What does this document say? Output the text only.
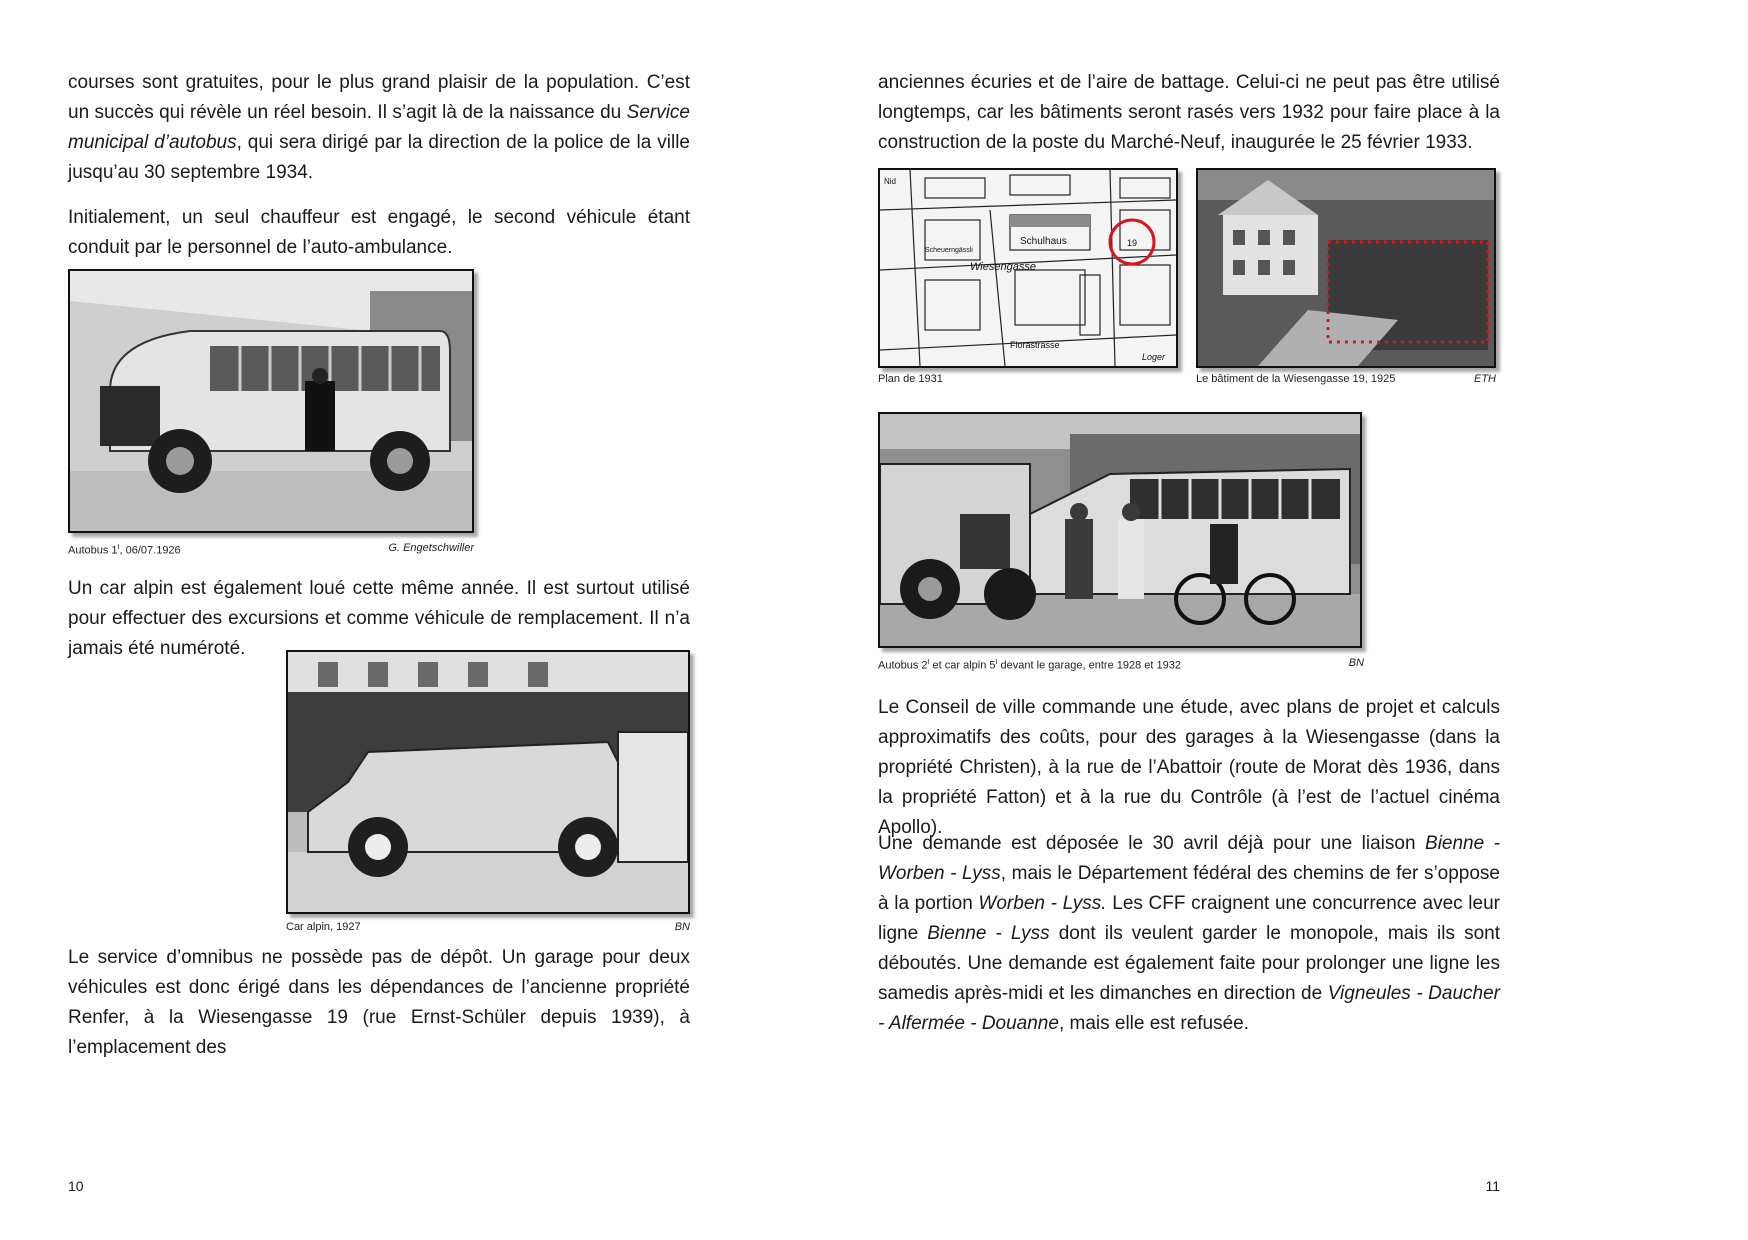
courses sont gratuites, pour le plus grand plaisir de la population. C’est un succès qui révèle un réel besoin. Il s’agit là de la naissance du Service municipal d’autobus, qui sera dirigé par la direction de la police de la ville jusqu’au 30 septembre 1934.

Initialement, un seul chauffeur est engagé, le second véhicule étant conduit par le personnel de l’auto-ambulance.

Autobus $1^I$, 06/07.1926	G. Engetschwiller

Un car alpin est également loué cette même année. Il est surtout utilisé pour effectuer des excursions et comme véhicule de remplacement. Il n’a jamais été numéroté.

Car alpin, 1927	BN

Le service d’omnibus ne possède pas de dépôt. Un garage pour deux véhicules est donc érigé dans les dépendances de l’ancienne propriété Renfer, à la Wiesengasse 19 (rue Ernst-Schüler depuis 1939), à l’emplacement des

10

anciennes écuries et de l’aire de battage. Celui-ci ne peut pas être utilisé longtemps, car les bâtiments seront rasés vers 1932 pour faire place à la construction de la poste du Marché-Neuf, inaugurée le 25 février 1933.

19
Schulhaus
Wiesengasse
Scheuerngässli
Florastrasse
Loger
Nid
Plan de 1931	Le bâtiment de la Wiesengasse 19, 1925	ETH
Autobus $2^I$ et car alpin $5^I$ devant le garage, entre 1928 et 1932	BN

Le Conseil de ville commande une étude, avec plans de projet et calculs approximatifs des coûts, pour des garages à la Wiesengasse (dans la propriété Christen), à la rue de l’Abattoir (route de Morat dès 1936, dans la propriété Fatton) et à la rue du Contrôle (à l’est de l’actuel cinéma Apollo).

Une demande est déposée le 30 avril déjà pour une liaison Bienne - Worben - Lyss, mais le Département fédéral des chemins de fer s’oppose à la portion Worben - Lyss. Les CFF craignent une concurrence avec leur ligne Bienne - Lyss dont ils veulent garder le monopole, mais ils sont déboutés. Une demande est également faite pour prolonger une ligne les samedis après-midi et les dimanches en direction de Vigneules - Daucher - Alfermée - Douanne, mais elle est refusée.

11
